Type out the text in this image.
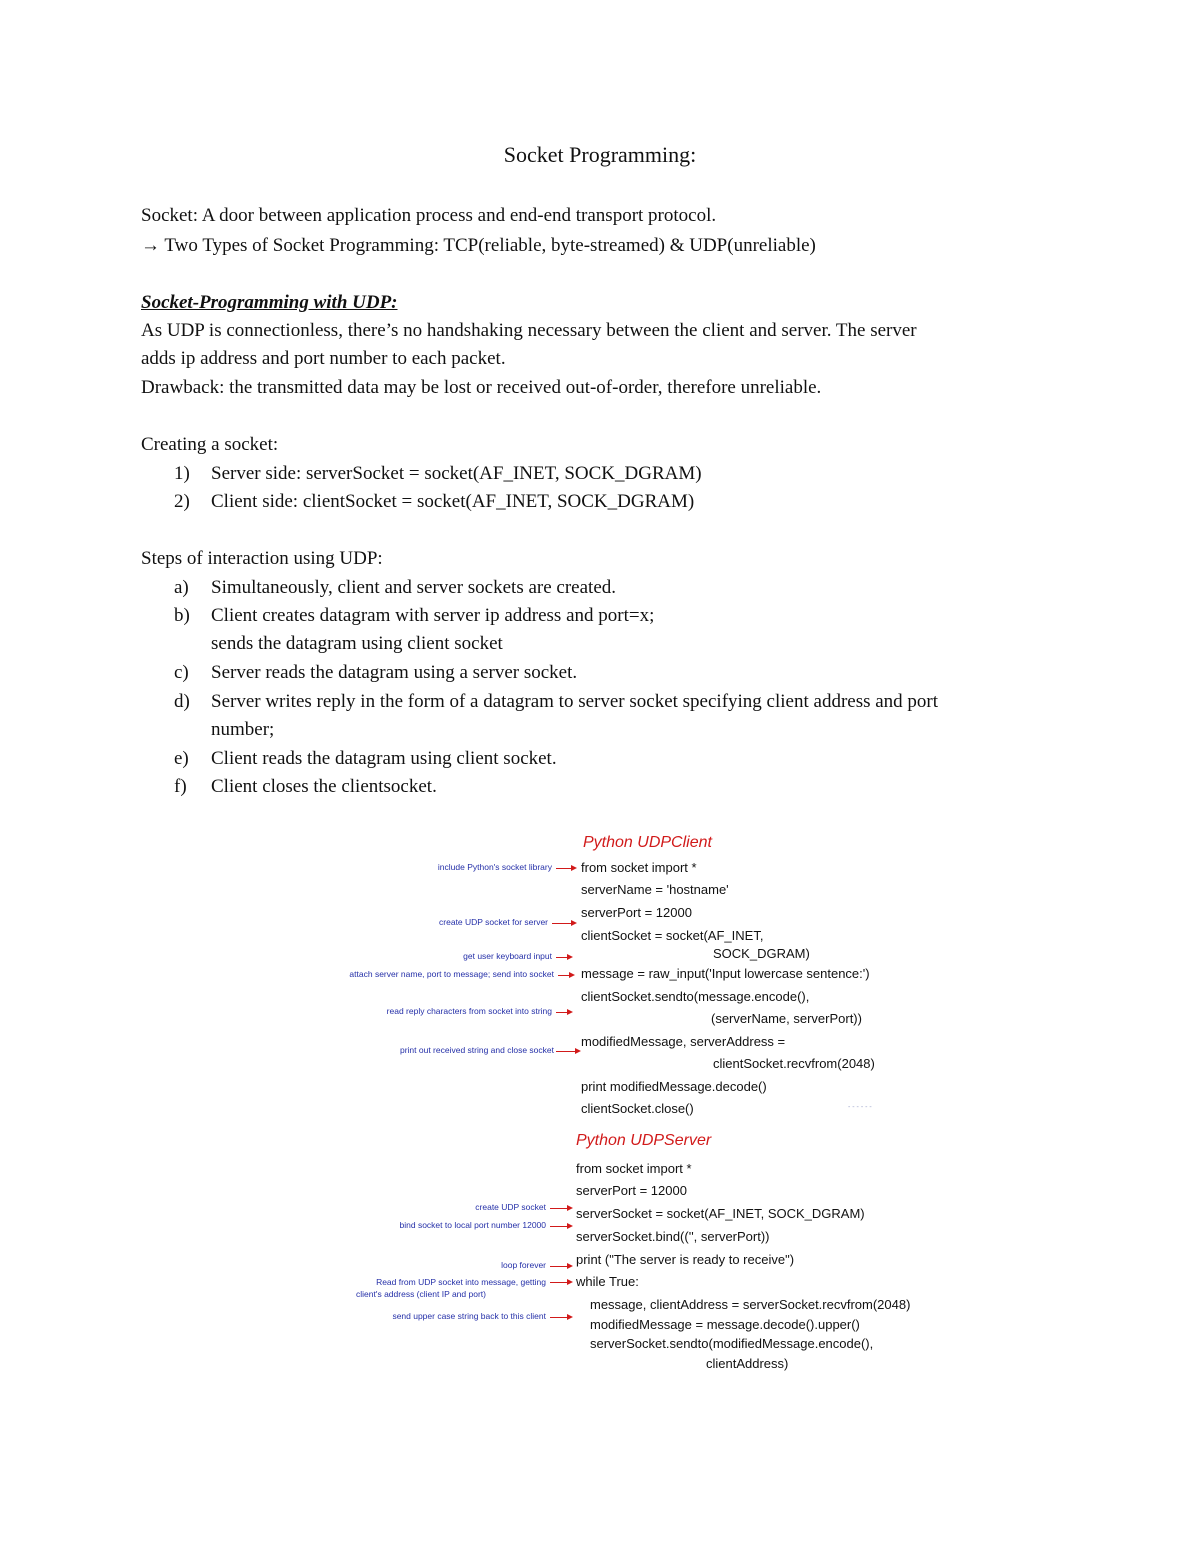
Socket Programming:
Socket: A door between application process and end-end transport protocol.
→ Two Types of Socket Programming: TCP(reliable, byte-streamed) & UDP(unreliable)
Socket-Programming with UDP:
As UDP is connectionless, there’s no handshaking necessary between the client and server. The server
adds ip address and port number to each packet.
Drawback: the transmitted data may be lost or received out-of-order, therefore unreliable.
Creating a socket:
1) Server side: serverSocket = socket(AF_INET, SOCK_DGRAM)
2) Client side: clientSocket = socket(AF_INET, SOCK_DGRAM)
Steps of interaction using UDP:
a) Simultaneously, client and server sockets are created.
b) Client creates datagram with server ip address and port=x;
sends the datagram using client socket
c) Server reads the datagram using a server socket.
d) Server writes reply in the form of a datagram to server socket specifying client address and port
number;
e) Client reads the datagram using client socket.
f) Client closes the clientsocket.
Python UDPClient
from socket import *
serverName = 'hostname'
serverPort = 12000
clientSocket = socket(AF_INET,
SOCK_DGRAM)
message = raw_input('Input lowercase sentence:')
clientSocket.sendto(message.encode(),
(serverName, serverPort))
modifiedMessage, serverAddress =
clientSocket.recvfrom(2048)
print modifiedMessage.decode()
clientSocket.close()
include Python's socket library
create UDP socket for server
get user keyboard input
attach server name, port to message; send into socket
read reply characters from socket into string
print out received string and close socket
- - - - - -
Python UDPServer
from socket import *
serverPort = 12000
serverSocket = socket(AF_INET, SOCK_DGRAM)
serverSocket.bind(('', serverPort))
print ("The server is ready to receive")
while True:
message, clientAddress = serverSocket.recvfrom(2048)
modifiedMessage = message.decode().upper()
serverSocket.sendto(modifiedMessage.encode(),
clientAddress)
create UDP socket
bind socket to local port number 12000
loop forever
Read from UDP socket into message, getting
client's address (client IP and port)
send upper case string back to this client
